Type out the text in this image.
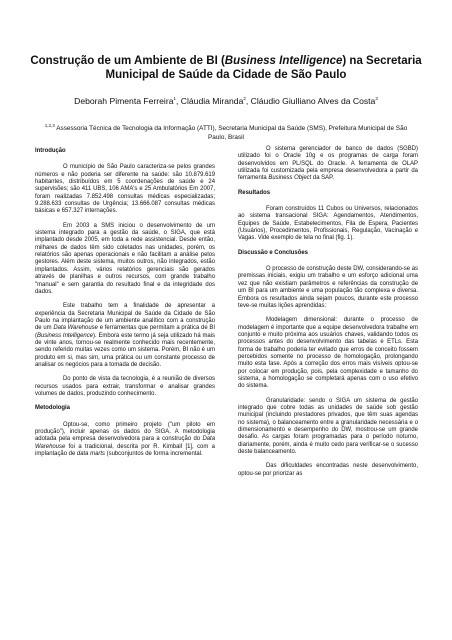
Construção de um Ambiente de BI (Business Intelligence) na Secretaria Municipal de Saúde da Cidade de São Paulo

Deborah Pimenta Ferreira$^1$, Cláudia Miranda$^2$, Cláudio Giulliano Alves da Costa$^3$

$^{1,2,3}$ Assessoria Técnica de Tecnologia da Informação (ATTI), Secretaria Municipal da Saúde (SMS), Prefeitura Municipal de São Paulo, Brasil

Introdução

O município de São Paulo caracteriza-se pelos grandes números e não poderia ser diferente na saúde: são 10.879.619 habitantes, distribuídos em 5 coordenações de saúde e 24 supervisões; são 411 UBS, 106 AMA's e 25 Ambulatórios Em 2007, foram realizadas 7.852.498 consultas médicas especializadas; 9.288.633 consultas de Urgência; 13.666.087 consultas médicas básicas e 657.327 internações.

Em 2003 a SMS iniciou o desenvolvimento de um sistema integrado para a gestão da saúde, o SIGA, que está implantado desde 2005, em toda a rede assistencial. Desde então, milhares de dados têm sido coletados nas unidades, porém, os relatórios são apenas operacionais e não facilitam a análise pelos gestores. Além deste sistema, muitos outros, não integrados, estão implantados. Assim, vários relatórios gerenciais são gerados através de planilhas e outros recursos, com grande trabalho "manual" e sem garantia do resultado final e da integridade dos dados.

Este trabalho tem a finalidade de apresentar a experiência da Secretaria Municipal de Saúde da Cidade de São Paulo na implantação de um ambiente analítico com a construção de um Data Warehouse e ferramentas que permitam a prática de BI (Business Intelligence). Embora este termo já seja utilizado há mais de vinte anos, tornou-se realmente conhecido mais recentemente, sendo referido muitas vezes como um sistema. Porém, BI não é um produto em si, mas sim, uma prática ou um constante processo de analisar os negócios para a tomada de decisão.

Do ponto de vista da tecnologia, é a reunião de diversos recursos usados para extrair, transformar e analisar grandes volumes de dados, produzindo conhecimento.

Metodologia

Optou-se, como primeiro projeto ("um piloto em produção"), incluir apenas os dados do SIGA. A metodologia adotada pela empresa desenvolvedora para a construção do Data Warehouse foi a tradicional, descrita por R. Kimball [1], com a implantação de data marts (subconjuntos de forma incremental.

O sistema gerenciador de banco de dados (SGBD) utilizado foi o Oracle 10g e os programas de carga foram desenvolvidos em PL/SQL do Oracle. A ferramenta de OLAP utilizada foi customizada pela empresa desenvolvedora a partir da ferramenta Business Object da SAP.

Resultados

Foram construídos 11 Cubos ou Universos, relacionados ao sistema transacional SIGA: Agendamentos, Atendimentos, Equipes de Saúde, Estabelecimentos, Fila de Espera, Pacientes (Usuários), Procedimentos, Profissionais, Regulação, Vacinação e Vagas. Vide exemplo de tela no final (fig. 1).

Discussão e Conclusões

O processo de construção deste DW, considerando-se as premissas iniciais, exigiu um trabalho e um esforço adicional uma vez que não existiam parâmetros e referências da construção de um BI para um ambiente e uma população tão complexa e diversa. Embora os resultados ainda sejam poucos, durante este processo teve-se muitas lições aprendidas:

Modelagem dimensional: durante o processo de modelagem é importante que a equipe desenvolvedora trabalhe em conjunto e muito próxima aos usuários chaves, validando todos os processos antes do desenvolvimento das tabelas e ETLs. Esta forma de trabalho poderia ter evitado que erros de conceito fossem percebidos somente no processo de homologação, prolongando muito esta fase. Após a correção dos erros mais visíveis optou-se por colocar em produção, pois, pela complexidade e tamanho do sistema, a homologação se completará apenas com o uso efetivo do sistema.

Granularidade: sendo o SIGA um sistema de gestão integrado que cobre todas as unidades de saúde sob gestão municipal (incluindo prestadores privados, que têm suas agendas no sistema), o balanceamento entre a granularidade necessária e o dimensionamento e desempenho do DW, mostrou-se um grande desafio. As cargas foram programadas para o período noturno, diariamente, porém, ainda é muito cedo para verificar-se o sucesso deste balanceamento.

Das dificuldades encontradas neste desenvolvimento, optou-se por priorizar as
